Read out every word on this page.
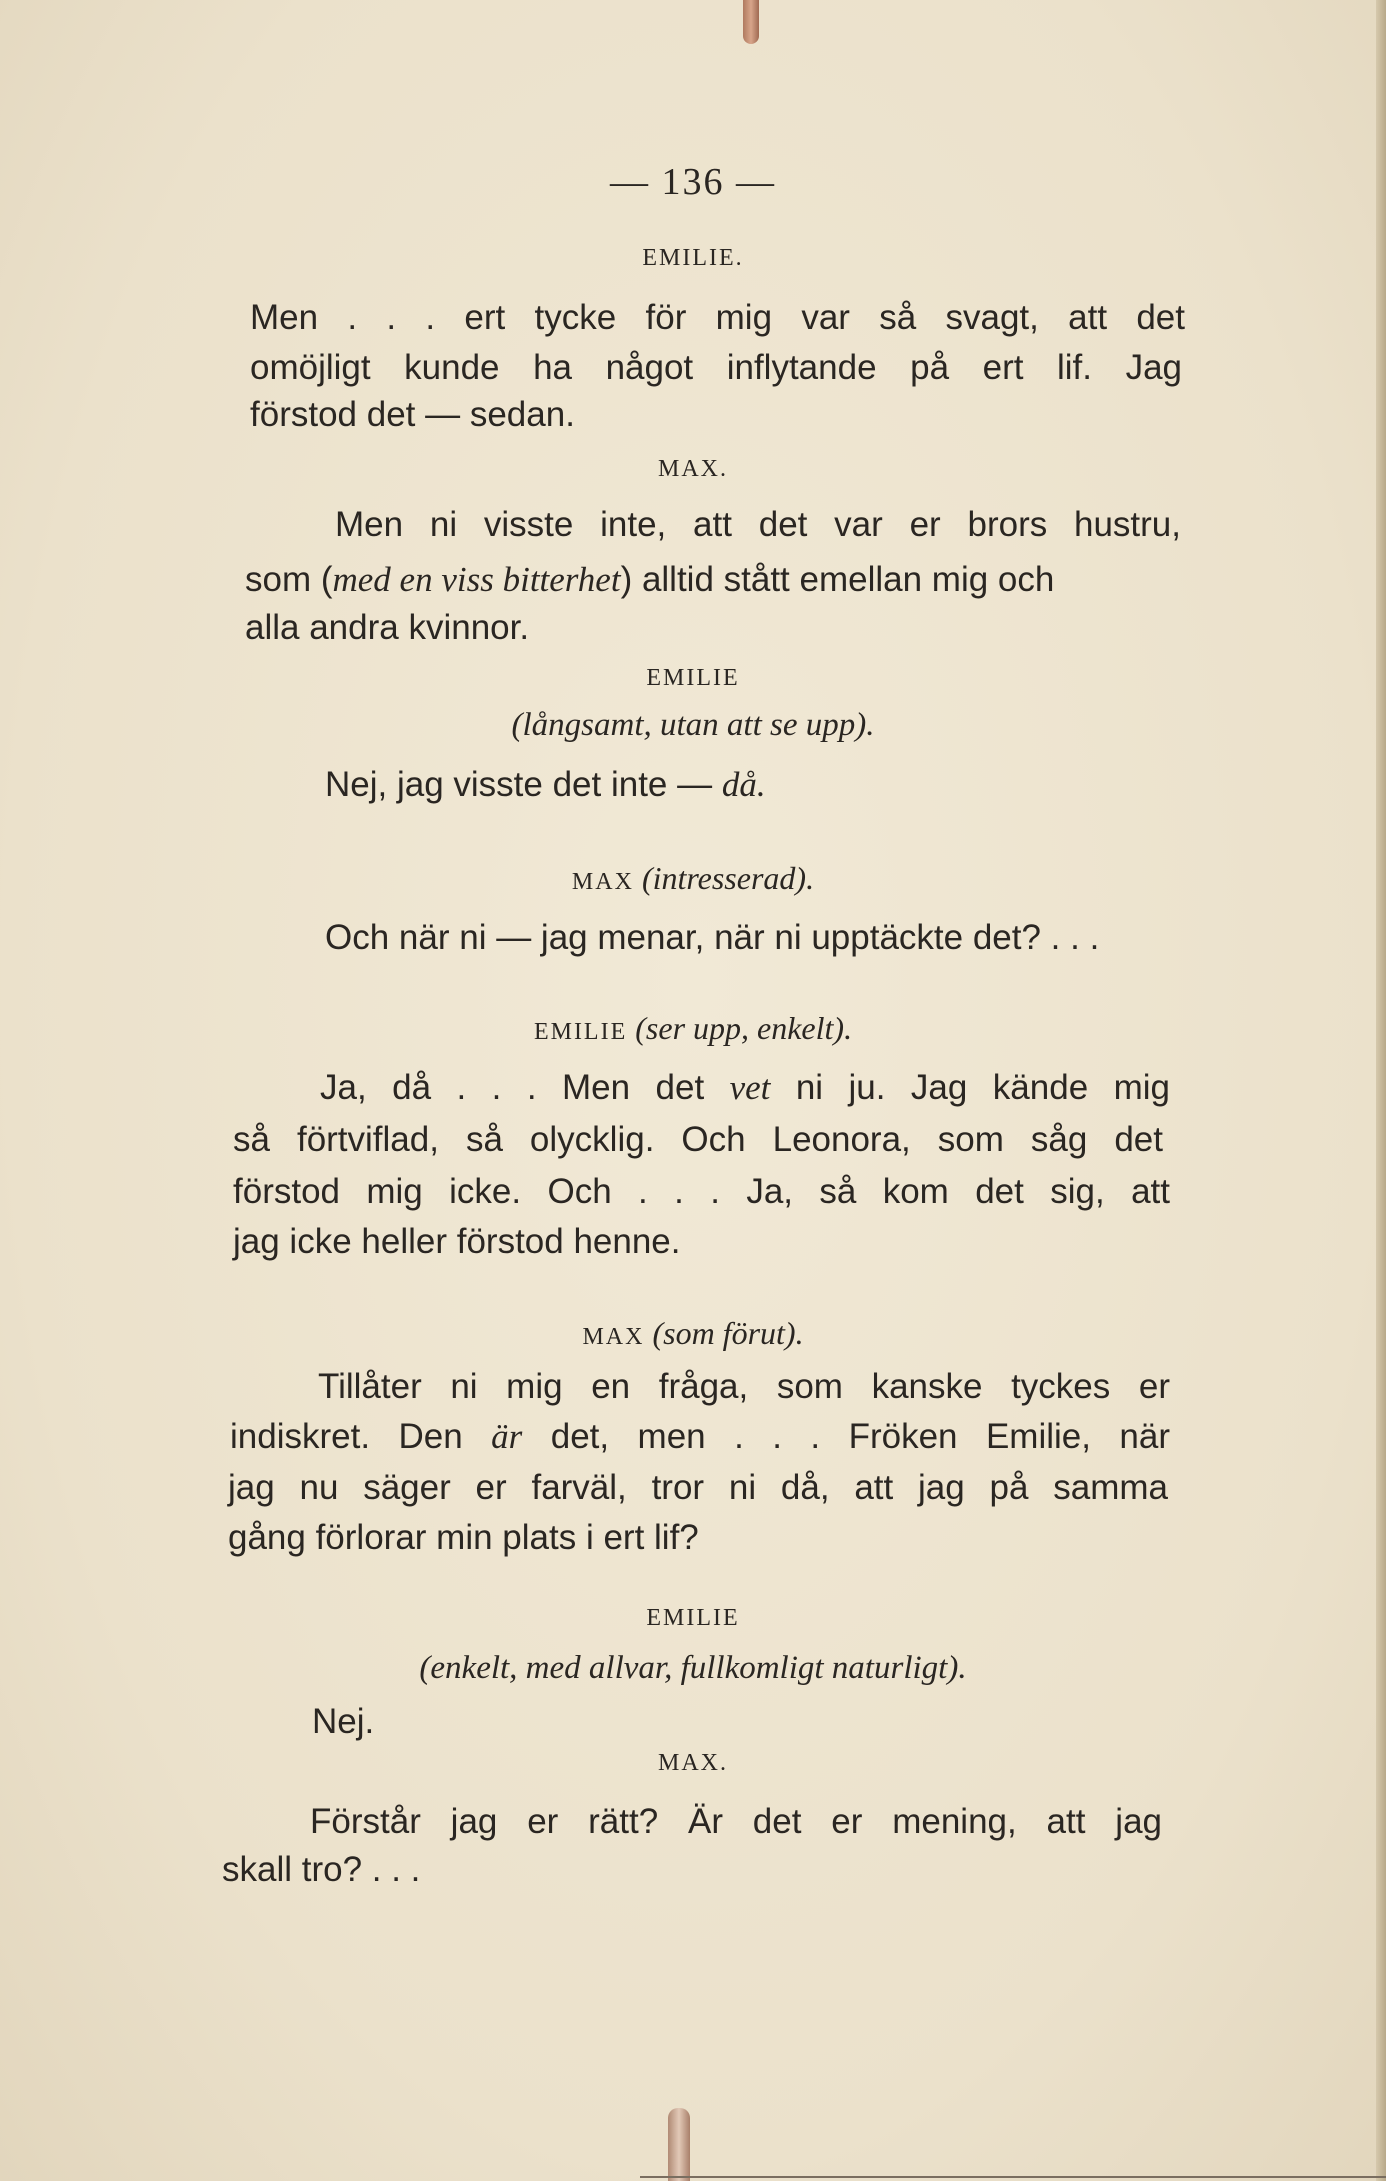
— 136 —
EMILIE.
Men . . . ert tycke för mig var så svagt, att det
omöjligt kunde ha något inflytande på ert lif. Jag
förstod det — sedan.
MAX.
Men ni visste inte, att det var er brors hustru,
som (med en viss bitterhet) alltid stått emellan mig och
alla andra kvinnor.
EMILIE
(långsamt, utan att se upp).
Nej, jag visste det inte — då.
MAX (intresserad).
Och när ni — jag menar, när ni upptäckte det? . . .
EMILIE (ser upp, enkelt).
Ja, då . . . Men det vet ni ju. Jag kände mig
så förtviflad, så olycklig. Och Leonora, som såg det
förstod mig icke. Och . . . Ja, så kom det sig, att
jag icke heller förstod henne.
MAX (som förut).
Tillåter ni mig en fråga, som kanske tyckes er
indiskret. Den är det, men . . . Fröken Emilie, när
jag nu säger er farväl, tror ni då, att jag på samma
gång förlorar min plats i ert lif?
EMILIE
(enkelt, med allvar, fullkomligt naturligt).
Nej.
MAX.
Förstår jag er rätt? Är det er mening, att jag
skall tro? . . .
